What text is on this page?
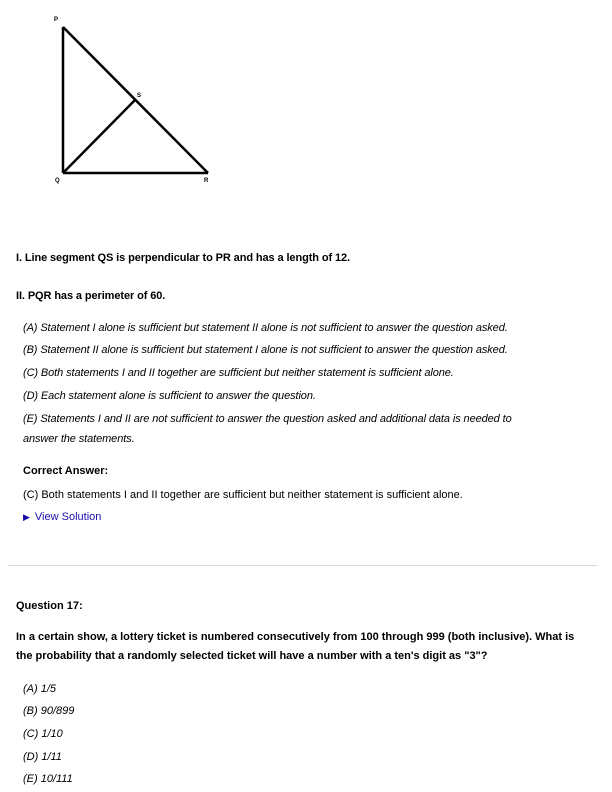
P
S
Q	R
I. Line segment QS is perpendicular to PR and has a length of 12.
II. PQR has a perimeter of 60.
(A) Statement I alone is sufficient but statement II alone is not sufficient to answer the question asked.
(B) Statement II alone is sufficient but statement I alone is not sufficient to answer the question asked.
(C) Both statements I and II together are sufficient but neither statement is sufficient alone.
(D) Each statement alone is sufficient to answer the question.
(E) Statements I and II are not sufficient to answer the question asked and additional data is needed to
answer the statements.
Correct Answer:
(C) Both statements I and II together are sufficient but neither statement is sufficient alone.
▶ View Solution
Question 17:
In a certain show, a lottery ticket is numbered consecutively from 100 through 999 (both inclusive). What is the probability that a randomly selected ticket will have a number with a ten's digit as "3"?
(A) 1/5
(B) 90/899
(C) 1/10
(D) 1/11
(E) 10/111
